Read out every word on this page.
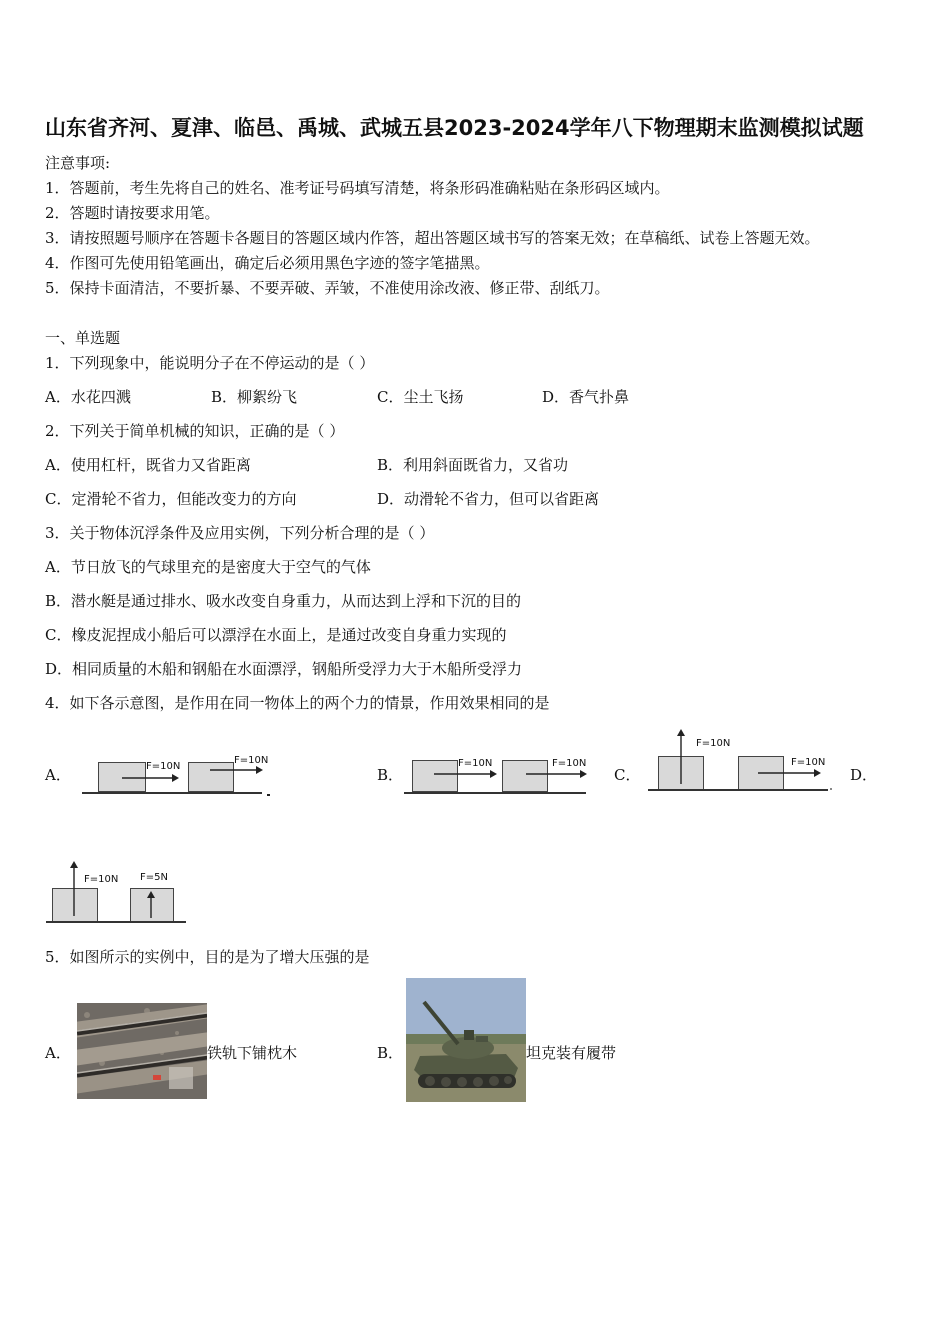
山东省齐河、夏津、临邑、禹城、武城五县2023-2024学年八下物理期末监测模拟试题
注意事项:
1．答题前，考生先将自己的姓名、准考证号码填写清楚，将条形码准确粘贴在条形码区域内。
2．答题时请按要求用笔。
3．请按照题号顺序在答题卡各题目的答题区域内作答，超出答题区域书写的答案无效；在草稿纸、试卷上答题无效。
4．作图可先使用铅笔画出，确定后必须用黑色字迹的签字笔描黑。
5．保持卡面清洁，不要折暴、不要弄破、弄皱，不准使用涂改液、修正带、刮纸刀。
一、单选题
1．下列现象中，能说明分子在不停运动的是（ ）
A．水花四溅	B．柳絮纷飞	C．尘土飞扬	D．香气扑鼻
2．下列关于简单机械的知识，正确的是（ ）
A．使用杠杆，既省力又省距离	B．利用斜面既省力，又省功
C．定滑轮不省力，但能改变力的方向	D．动滑轮不省力，但可以省距离
3．关于物体沉浮条件及应用实例，下列分析合理的是（ ）
A．节日放飞的气球里充的是密度大于空气的气体
B．潜水艇是通过排水、吸水改变自身重力，从而达到上浮和下沉的目的
C．橡皮泥捏成小船后可以漂浮在水面上，是通过改变自身重力实现的
D．相同质量的木船和钢船在水面漂浮，钢船所受浮力大于木船所受浮力
4．如下各示意图，是作用在同一物体上的两个力的情景，作用效果相同的是
A．	F=10N
F=10N
B．
F=10N	F=10N
C．
F=10N
F=10N
D．
F=10N F=5N
5．如图所示的实例中，目的是为了增大压强的是
A．	铁轨下铺枕木	B．	坦克装有履带
